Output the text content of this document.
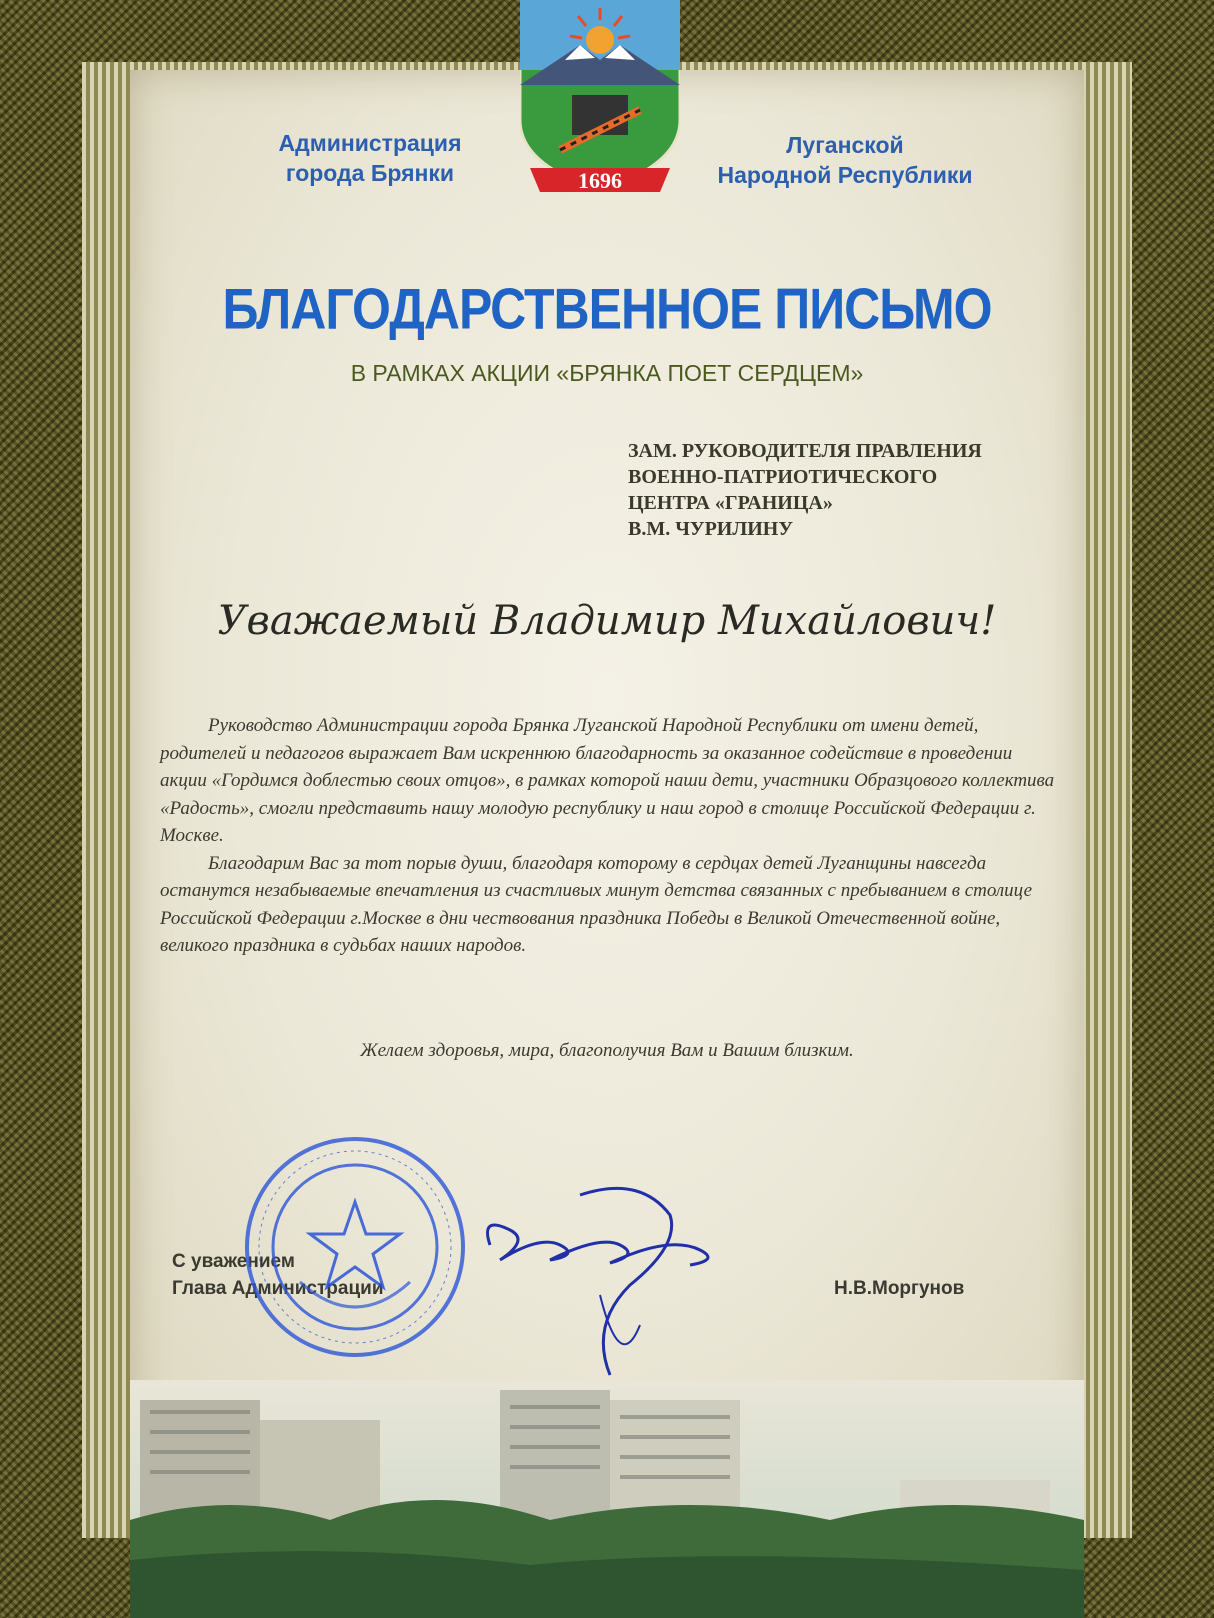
1696
Администрация
города Брянки
Луганской
Народной Республики
БЛАГОДАРСТВЕННОЕ ПИСЬМО
В РАМКАХ АКЦИИ «БРЯНКА ПОЕТ СЕРДЦЕМ»
ЗАМ. РУКОВОДИТЕЛЯ ПРАВЛЕНИЯ
ВОЕННО-ПАТРИОТИЧЕСКОГО
ЦЕНТРА «ГРАНИЦА»
В.М. ЧУРИЛИНУ
Уважаемый Владимир Михайлович!

Руководство Администрации города Брянка Луганской Народной Республики от имени детей, родителей и педагогов выражает Вам искреннюю благодарность за оказанное содействие в проведении акции «Гордимся доблестью своих отцов», в рамках которой наши дети, участники Образцового коллектива «Радость», смогли представить нашу молодую республику и наш город в столице Российской Федерации г. Москве.

Благодарим Вас за тот порыв души, благодаря которому в сердцах детей Луганщины навсегда останутся незабываемые впечатления из счастливых минут детства связанных с пребыванием в столице Российской Федерации г.Москве в дни чествования праздника Победы в Великой Отечественной войне, великого праздника в судьбах наших народов.

Желаем здоровья, мира, благополучия Вам и Вашим близким.
С уважением
Глава Администрации	Н.В.Моргунов
